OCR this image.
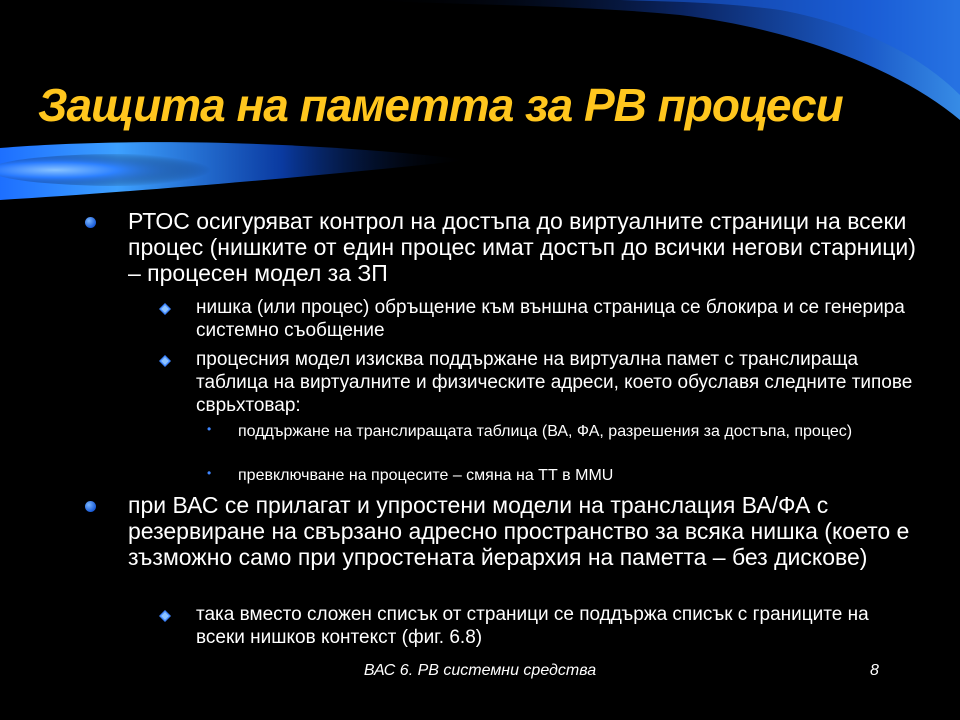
Защита на паметта за РВ процеси
РТОС осигуряват контрол на достъпа до виртуалните страници на всеки процес (нишките от един процес имат достъп до всички негови старници) – процесен модел за ЗП
нишка (или процес) обръщение към външна страница се блокира и се генерира системно съобщение
процесния модел изисква поддържане на виртуална памет с транслираща таблица на виртуалните и физическите адреси, което обуславя следните типове сврьхтовар:
• поддържане на транслиращата таблица (ВА, ФА, разрешения за достъпа, процес)
• превключване на процесите – смяна на ТТ в MMU
при ВАС се прилагат и упростени модели на транслация ВА/ФА с резервиране на свързано адресно пространство за всяка нишка (което е зъзможно само при упростената йерархия на паметта – без дискове)
така вместо сложен списък от страници се поддържа списък с границите на всеки нишков контекст (фиг. 6.8)
ВАС 6. РВ системни средства	8
